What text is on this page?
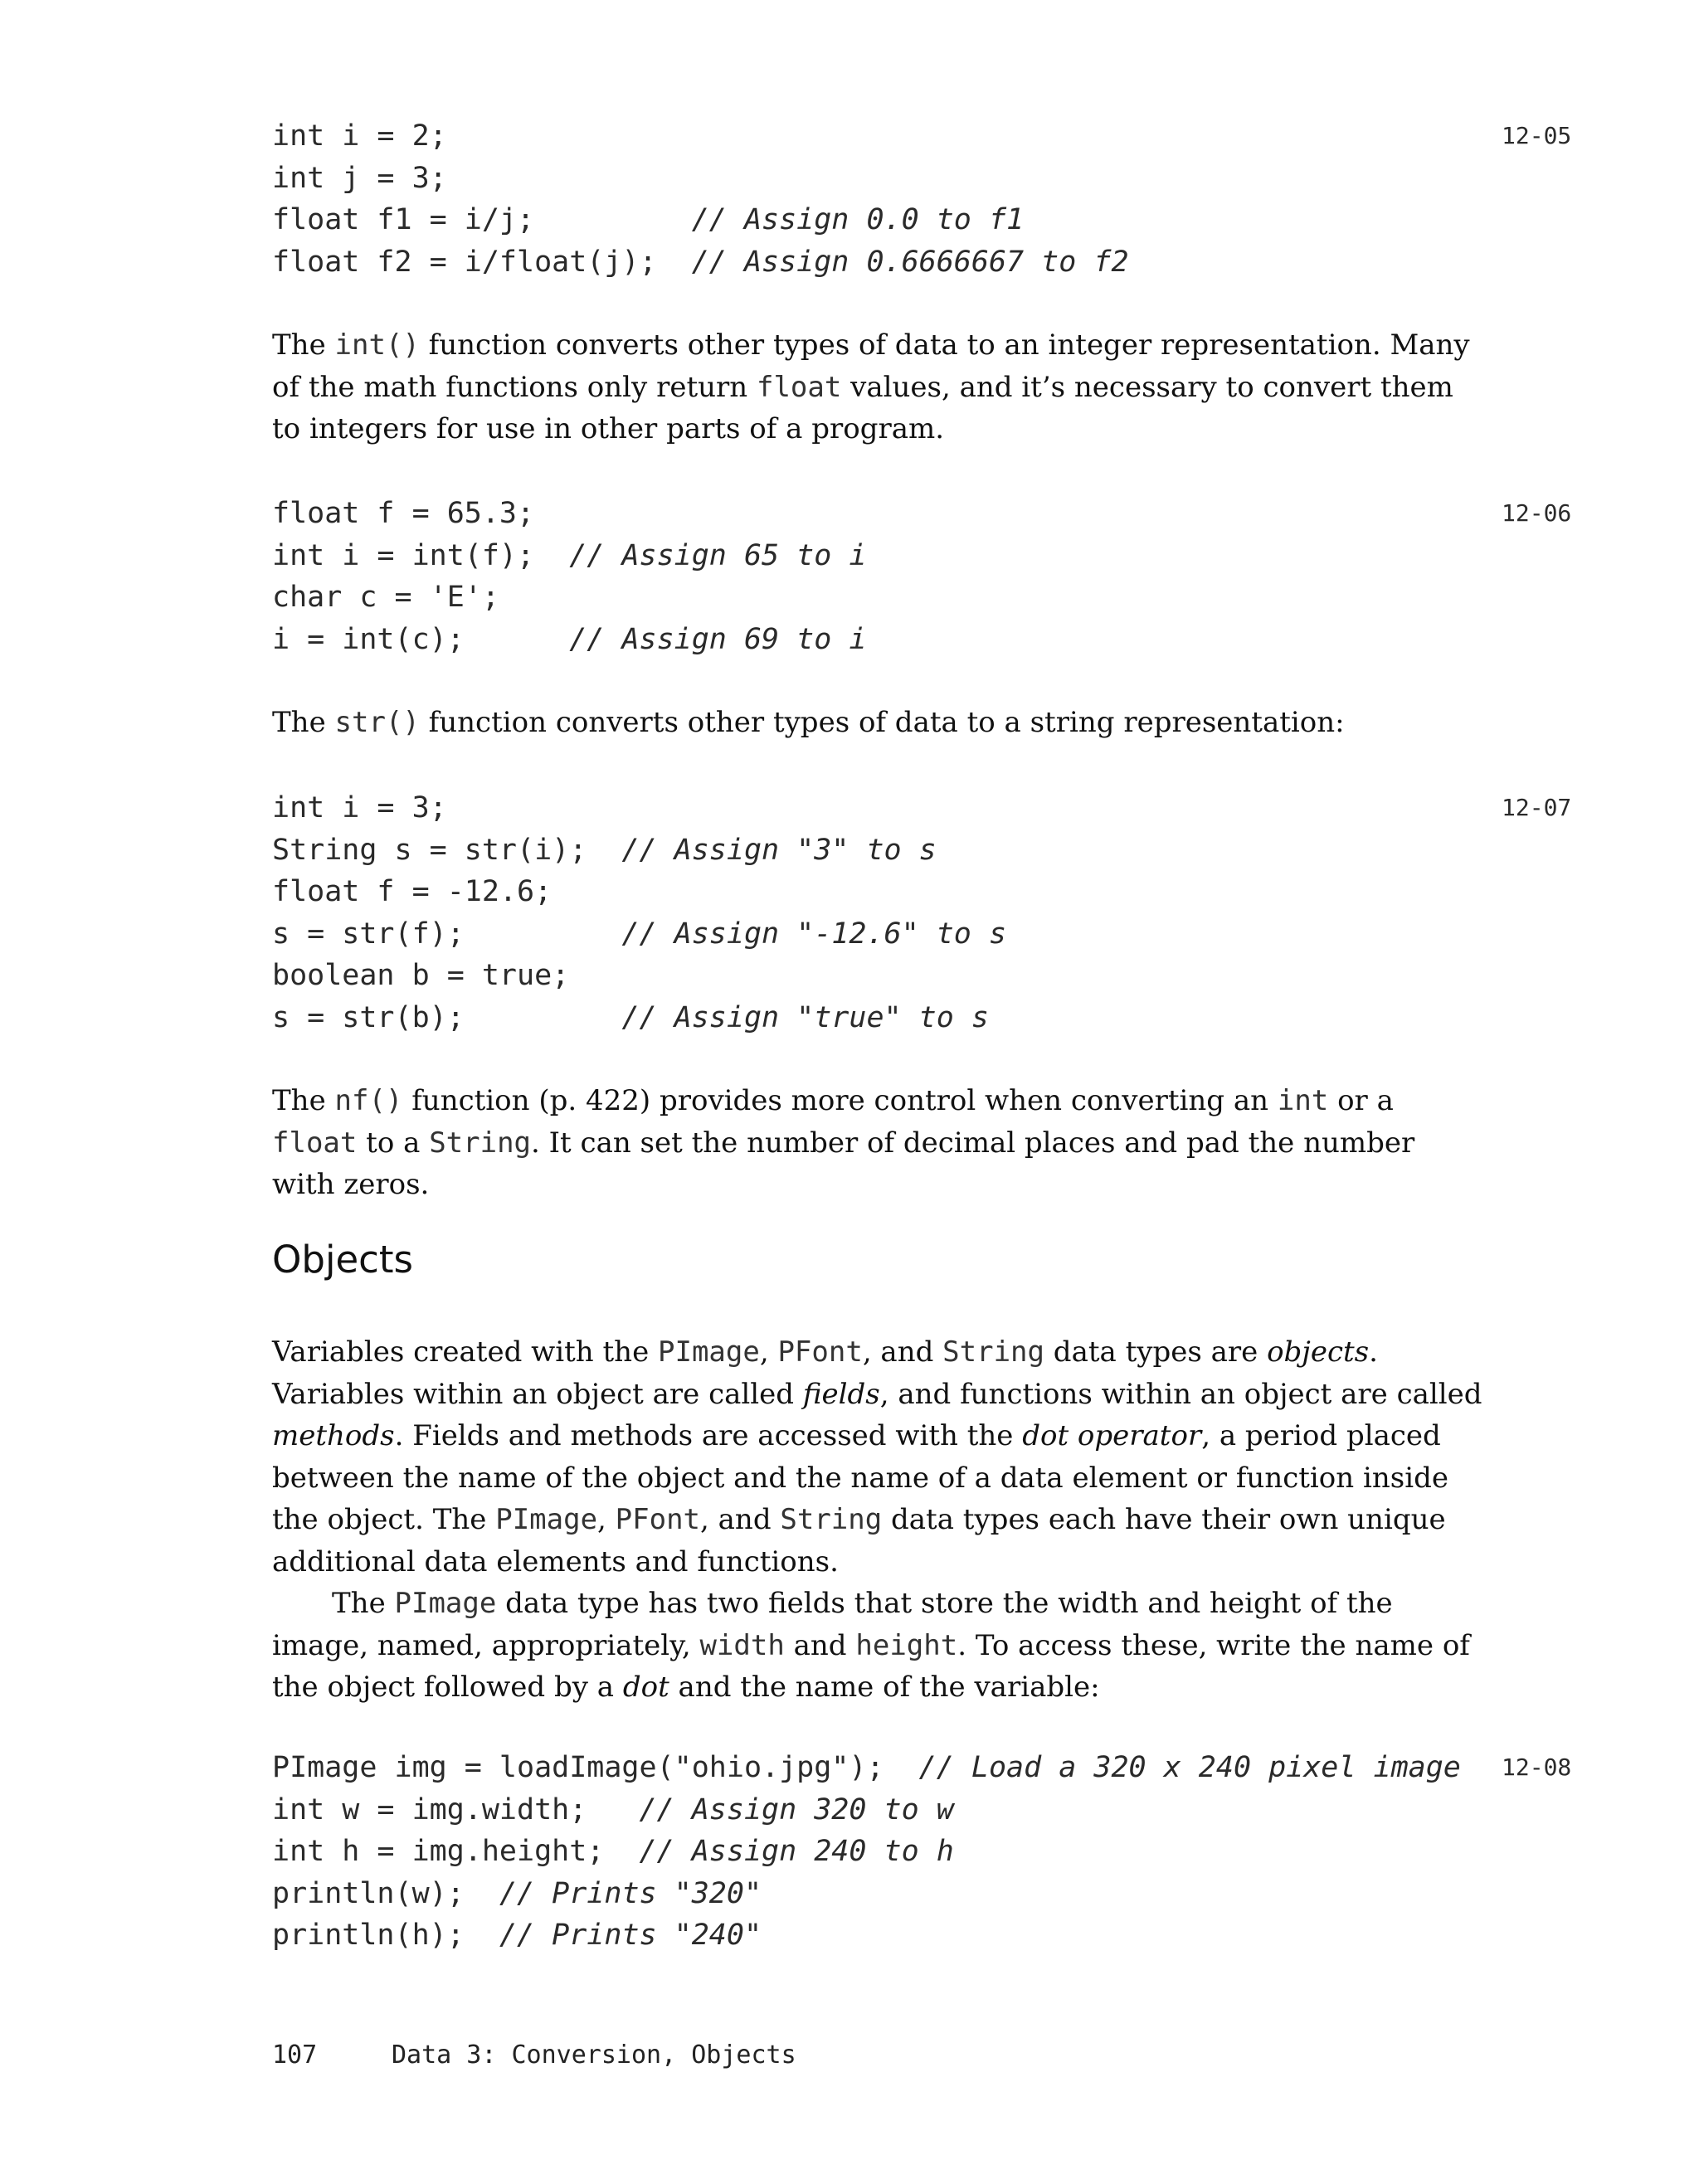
int i = 2;
int j = 3;
float f1 = i/j;         // Assign 0.0 to f1
float f2 = i/float(j);  // Assign 0.6666667 to f2
12-05

The int() function converts other types of data to an integer representation. Many of the math functions only return float values, and it’s necessary to convert them to integers for use in other parts of a program.

float f = 65.3;
int i = int(f);  // Assign 65 to i
char c = 'E';
i = int(c);      // Assign 69 to i
12-06

The str() function converts other types of data to a string representation:

int i = 3;
String s = str(i);  // Assign "3" to s
float f = -12.6;
s = str(f);         // Assign "-12.6" to s
boolean b = true;
s = str(b);         // Assign "true" to s
12-07

The nf() function (p. 422) provides more control when converting an int or a float to a String. It can set the number of decimal places and pad the number with zeros.

Objects

Variables created with the PImage, PFont, and String data types are objects. Variables within an object are called fields, and functions within an object are called methods. Fields and methods are accessed with the dot operator, a period placed between the name of the object and the name of a data element or function inside the object. The PImage, PFont, and String data types each have their own unique additional data elements and functions.

The PImage data type has two fields that store the width and height of the image, named, appropriately, width and height. To access these, write the name of the object followed by a dot and the name of the variable:

PImage img = loadImage("ohio.jpg");  // Load a 320 x 240 pixel image
int w = img.width;   // Assign 320 to w
int h = img.height;  // Assign 240 to h
println(w);  // Prints "320"
println(h);  // Prints "240"
12-08
107	Data 3: Conversion, Objects
